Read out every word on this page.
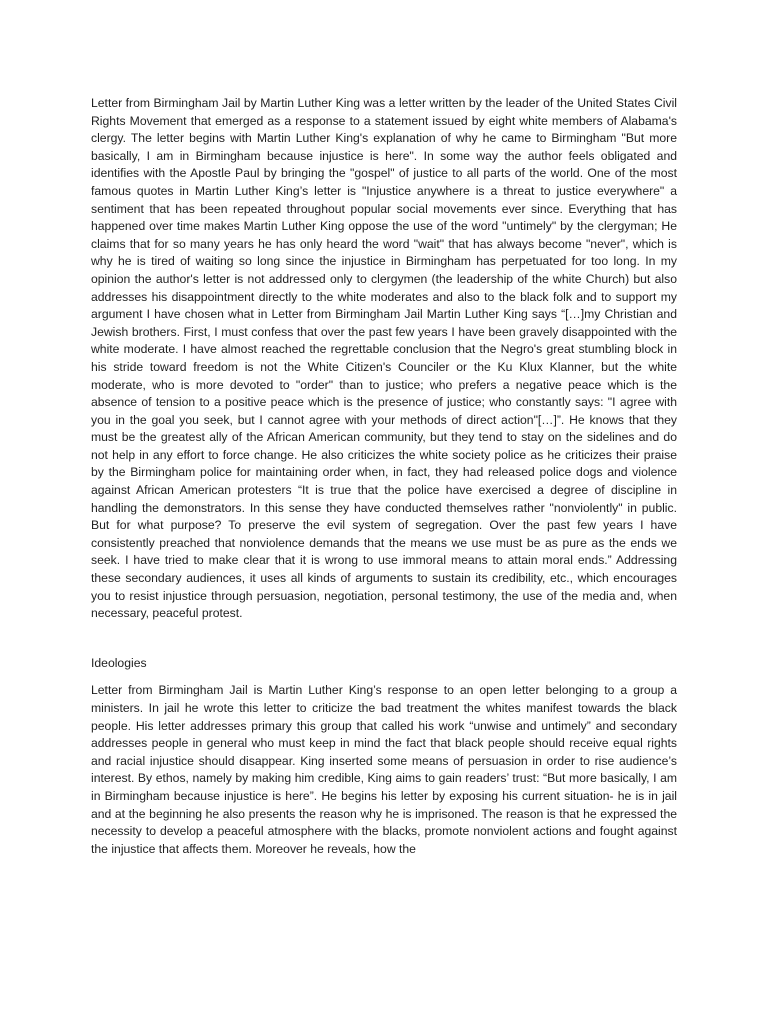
Letter from Birmingham Jail by Martin Luther King was a letter written by the leader of the United States Civil Rights Movement that emerged as a response to a statement issued by eight white members of Alabama's clergy. The letter begins with Martin Luther King's explanation of why he came to Birmingham "But more basically, I am in Birmingham because injustice is here". In some way the author feels obligated and identifies with the Apostle Paul by bringing the "gospel" of justice to all parts of the world. One of the most famous quotes in Martin Luther King’s letter is "Injustice anywhere is a threat to justice everywhere" a sentiment that has been repeated throughout popular social movements ever since. Everything that has happened over time makes Martin Luther King oppose the use of the word "untimely" by the clergyman; He claims that for so many years he has only heard the word "wait" that has always become "never", which is why he is tired of waiting so long since the injustice in Birmingham has perpetuated for too long. In my opinion the author's letter is not addressed only to clergymen (the leadership of the white Church) but also addresses his disappointment directly to the white moderates and also to the black folk and to support my argument I have chosen what in Letter from Birmingham Jail Martin Luther King says “[…]my Christian and Jewish brothers. First, I must confess that over the past few years I have been gravely disappointed with the white moderate. I have almost reached the regrettable conclusion that the Negro's great stumbling block in his stride toward freedom is not the White Citizen's Counciler or the Ku Klux Klanner, but the white moderate, who is more devoted to "order" than to justice; who prefers a negative peace which is the absence of tension to a positive peace which is the presence of justice; who constantly says: "I agree with you in the goal you seek, but I cannot agree with your methods of direct action"[…]”. He knows that they must be the greatest ally of the African American community, but they tend to stay on the sidelines and do not help in any effort to force change. He also criticizes the white society police as he criticizes their praise by the Birmingham police for maintaining order when, in fact, they had released police dogs and violence against African American protesters “It is true that the police have exercised a degree of discipline in handling the demonstrators. In this sense they have conducted themselves rather "nonviolently" in public. But for what purpose? To preserve the evil system of segregation. Over the past few years I have consistently preached that nonviolence demands that the means we use must be as pure as the ends we seek. I have tried to make clear that it is wrong to use immoral means to attain moral ends.” Addressing these secondary audiences, it uses all kinds of arguments to sustain its credibility, etc., which encourages you to resist injustice through persuasion, negotiation, personal testimony, the use of the media and, when necessary, peaceful protest.

Ideologies

Letter from Birmingham Jail is Martin Luther King’s response to an open letter belonging to a group a ministers. In jail he wrote this letter to criticize the bad treatment the whites manifest towards the black people. His letter addresses primary this group that called his work “unwise and untimely” and secondary addresses people in general who must keep in mind the fact that black people should receive equal rights and racial injustice should disappear. King inserted some means of persuasion in order to rise audience’s interest. By ethos, namely by making him credible, King aims to gain readers’ trust: “But more basically, I am in Birmingham because injustice is here”. He begins his letter by exposing his current situation- he is in jail and at the beginning he also presents the reason why he is imprisoned. The reason is that he expressed the necessity to develop a peaceful atmosphere with the blacks, promote nonviolent actions and fought against the injustice that affects them. Moreover he reveals, how the
